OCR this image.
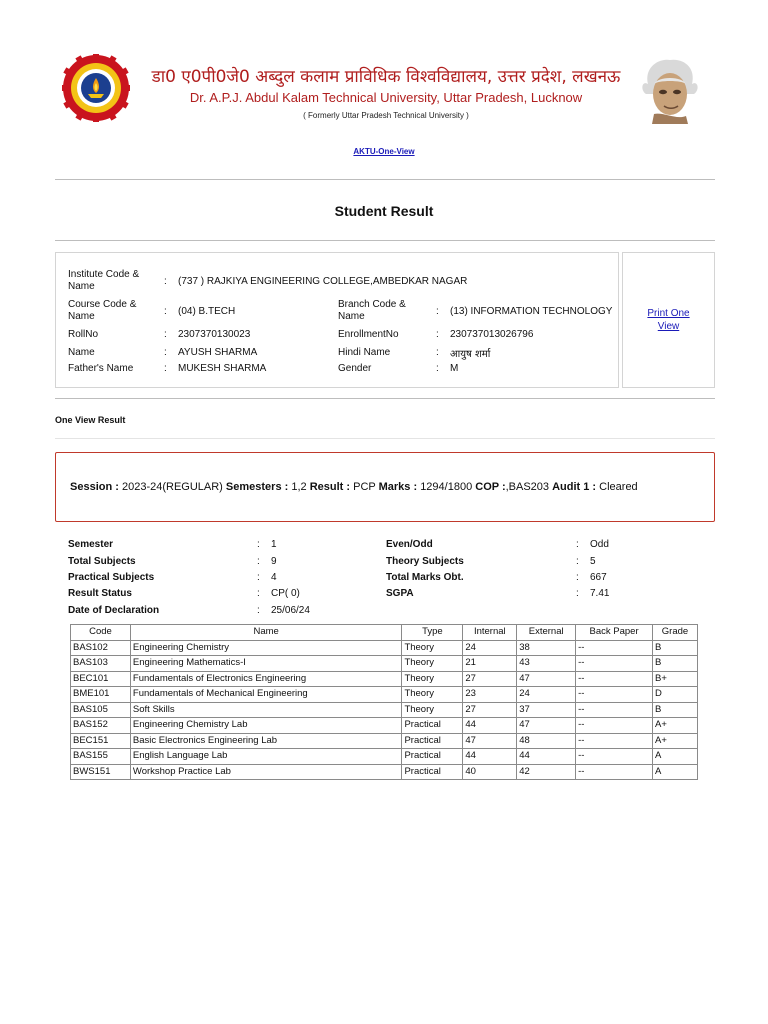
डा0 ए0पी0जे0 अब्दुल कलाम प्राविधिक विश्वविद्यालय, उत्तर प्रदेश, लखनऊ
Dr. A.P.J. Abdul Kalam Technical University, Uttar Pradesh, Lucknow
( Formerly Uttar Pradesh Technical University )
AKTU-One-View
Student Result
Institute Code & Name	: (737 ) RAJKIYA ENGINEERING COLLEGE,AMBEDKAR NAGAR
Course Code & Name	: (04) B.TECH
Branch Code & Name	: (13) INFORMATION TECHNOLOGY
RollNo	: 2307370130023	EnrollmentNo	: 230737013026796
Name	: AYUSH SHARMA	Hindi Name	: आयुष शर्मा
Father's Name	: MUKESH SHARMA	Gender	: M
Print One View
One View Result
Session : 2023-24(REGULAR) Semesters : 1,2 Result : PCP Marks : 1294/1800 COP :,BAS203 Audit 1 : Cleared
Semester	: 1	Even/Odd	: Odd
Total Subjects	: 9	Theory Subjects	: 5
Practical Subjects	: 4	Total Marks Obt.	: 667
Result Status	: CP( 0)	SGPA	: 7.41
Date of Declaration	: 25/06/24
Code	Name	Type	Internal	External	Back Paper	Grade
BAS102	Engineering Chemistry	Theory	24	38	--	B
BAS103	Engineering Mathematics-I	Theory	21	43	--	B
BEC101	Fundamentals of Electronics Engineering	Theory	27	47	--	B+
BME101	Fundamentals of Mechanical Engineering	Theory	23	24	--	D
BAS105	Soft Skills	Theory	27	37	--	B
BAS152	Engineering Chemistry Lab	Practical	44	47	--	A+
BEC151	Basic Electronics Engineering Lab	Practical	47	48	--	A+
BAS155	English Language Lab	Practical	44	44	--	A
BWS151	Workshop Practice Lab	Practical	40	42	--	A
